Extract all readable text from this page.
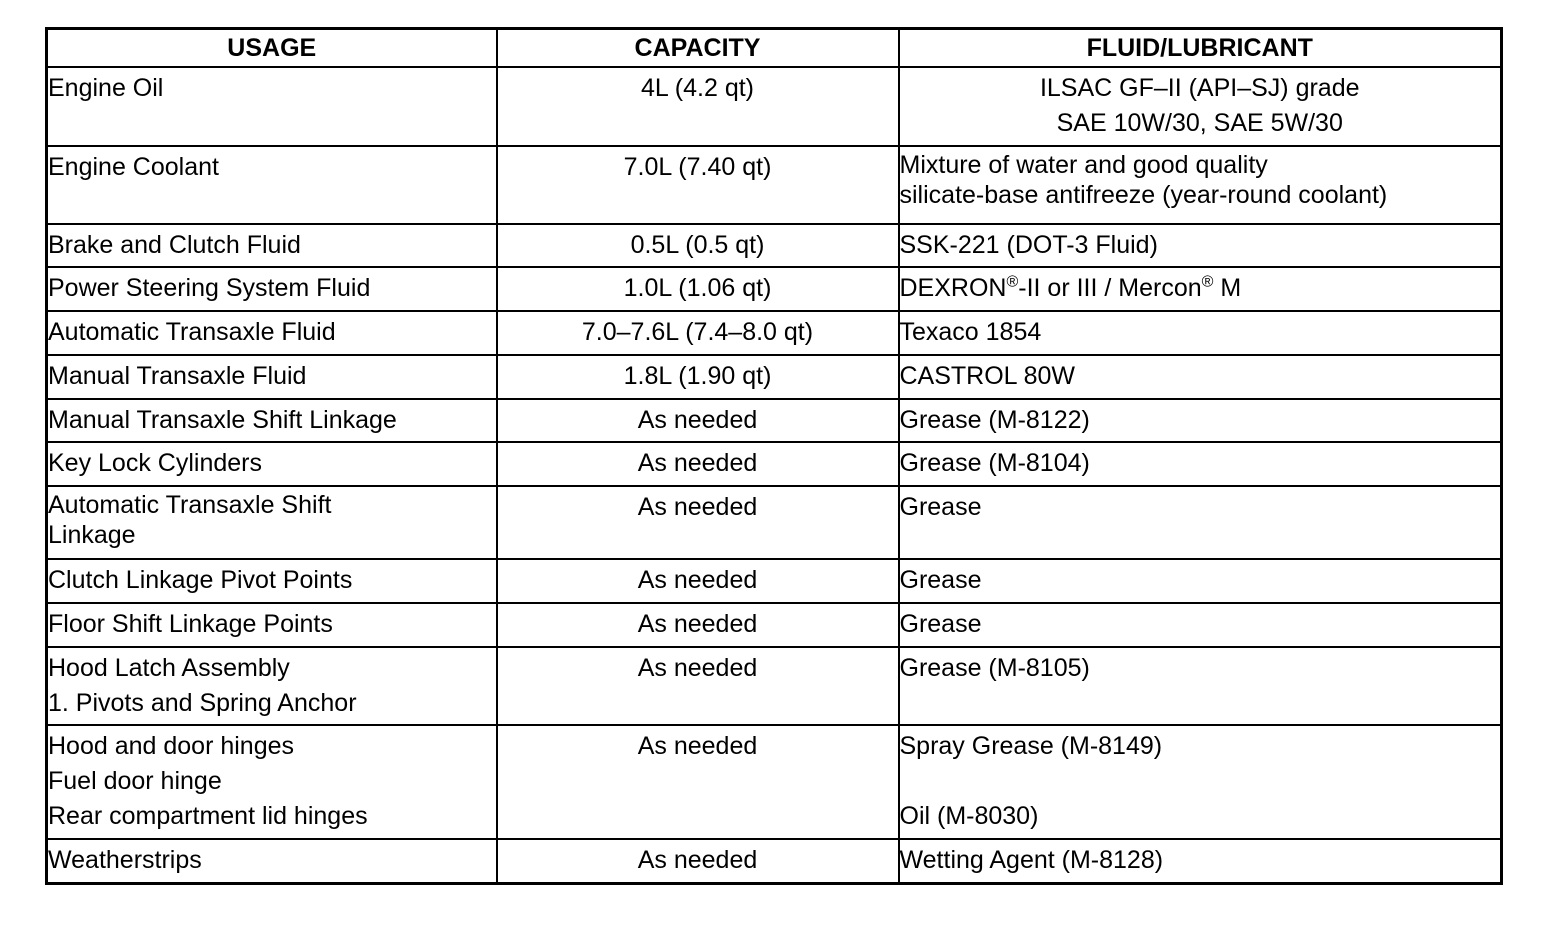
USAGE	CAPACITY	FLUID/LUBRICANT

Engine Oil	4L (4.2 qt)	ILSAC GF–II (API–SJ) grade
SAE 10W/30, SAE 5W/30

Engine Coolant	7.0L (7.40 qt)	Mixture of water and good quality
silicate-base antifreeze (year-round coolant)

Brake and Clutch Fluid	0.5L (0.5 qt)	SSK-221 (DOT-3 Fluid)

Power Steering System Fluid	1.0L (1.06 qt)	DEXRON®-II or III / Mercon® M

Automatic Transaxle Fluid	7.0–7.6L (7.4–8.0 qt)	Texaco 1854

Manual Transaxle Fluid	1.8L (1.90 qt)	CASTROL 80W

Manual Transaxle Shift Linkage	As needed	Grease (M-8122)

Key Lock Cylinders	As needed	Grease (M-8104)

Automatic Transaxle Shift
Linkage	As needed	Grease

Clutch Linkage Pivot Points	As needed	Grease

Floor Shift Linkage Points	As needed	Grease

Hood Latch Assembly
1. Pivots and Spring Anchor	As needed	Grease (M-8105)

Hood and door hinges
Fuel door hinge
Rear compartment lid hinges	As needed	Spray Grease (M-8149)
Oil (M-8030)

Weatherstrips	As needed	Wetting Agent (M-8128)
